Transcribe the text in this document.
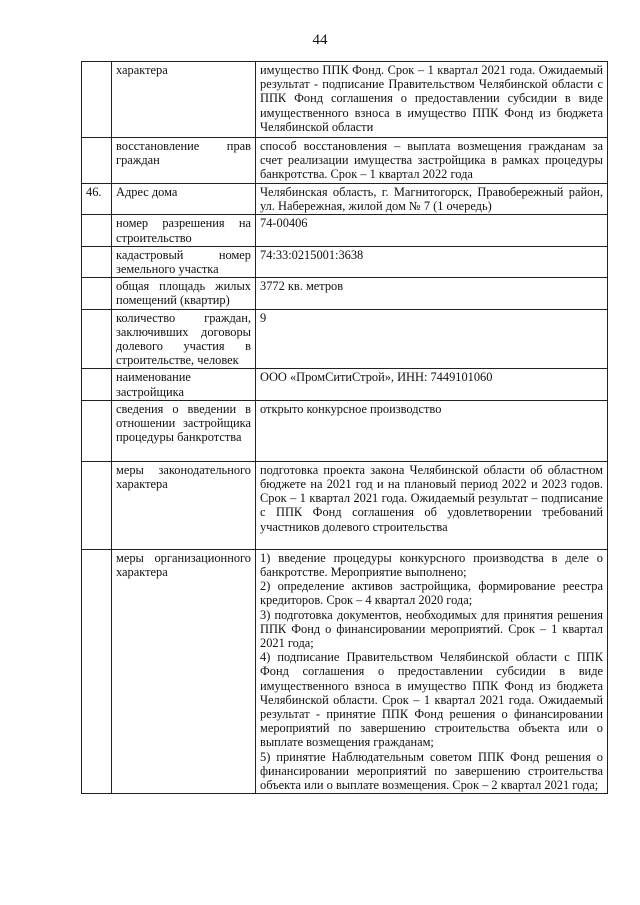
44
	характера	имущество ППК Фонд. Срок – 1 квартал 2021 года. Ожидаемый результат - подписание Правительством Челябинской области с ППК Фонд соглашения о предоставлении субсидии в виде имущественного взноса в имущество ППК Фонд из бюджета Челябинской области
	восстановление прав граждан	способ восстановления – выплата возмещения гражданам за счет реализации имущества застройщика в рамках процедуры банкротства. Срок – 1 квартал 2022 года
46.	Адрес дома	Челябинская область, г. Магнитогорск, Правобережный район, ул. Набережная, жилой дом № 7 (1 очередь)
	номер разрешения на строительство	74-00406
	кадастровый номер земельного участка	74:33:0215001:3638
	общая площадь жилых помещений (квартир)	3772 кв. метров
	количество граждан, заключивших договоры долевого участия в строительстве, человек	9
	наименование застройщика	ООО «ПромСитиСтрой», ИНН: 7449101060
	сведения о введении в отношении застройщика процедуры банкротства	открыто конкурсное производство
	меры законодательного характера	подготовка проекта закона Челябинской области об областном бюджете на 2021 год и на плановый период 2022 и 2023 годов. Срок – 1 квартал 2021 года. Ожидаемый результат – подписание с ППК Фонд соглашения об удовлетворении требований участников долевого строительства
	меры организационного характера	1) введение процедуры конкурсного производства в деле о банкротстве. Мероприятие выполнено;
2) определение активов застройщика, формирование реестра кредиторов. Срок – 4 квартал 2020 года;
3) подготовка документов, необходимых для принятия решения ППК Фонд о финансировании мероприятий. Срок – 1 квартал 2021 года;
4) подписание Правительством Челябинской области с ППК Фонд соглашения о предоставлении субсидии в виде имущественного взноса в имущество ППК Фонд из бюджета Челябинской области. Срок – 1 квартал 2021 года. Ожидаемый результат - принятие ППК Фонд решения о финансировании мероприятий по завершению строительства объекта или о выплате возмещения гражданам;
5) принятие Наблюдательным советом ППК Фонд решения о финансировании мероприятий по завершению строительства объекта или о выплате возмещения. Срок – 2 квартал 2021 года;
